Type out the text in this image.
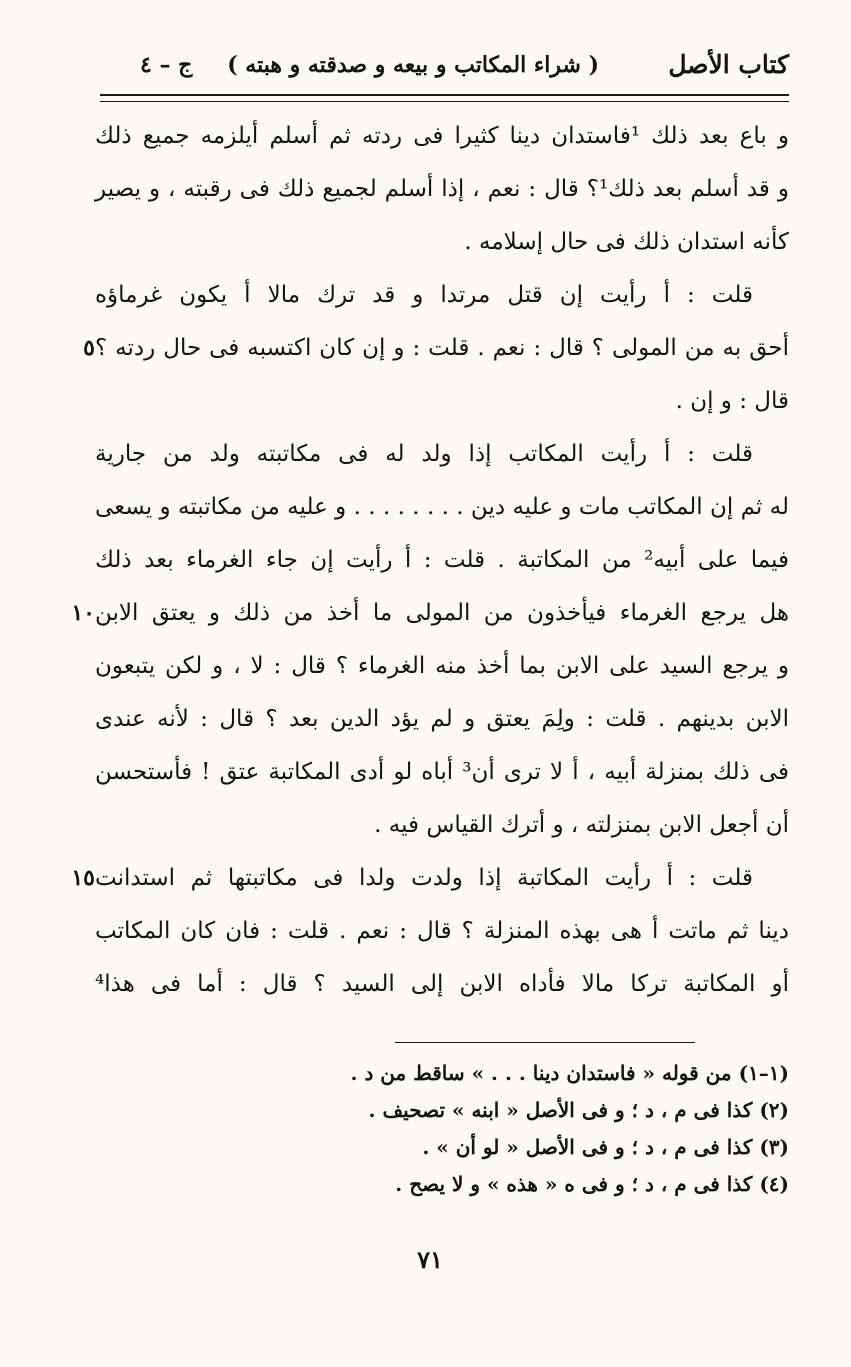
كتاب الأصل
( شراء المكاتب و بيعه و صدقته و هبته )
ج – ٤
و باع بعد ذلك ¹فاستدان دينا كثيرا فى ردته ثم أسلم أيلزمه جميع ذلك
و قد أسلم بعد ذلك¹؟ قال : نعم ، إذا أسلم لجميع ذلك فى رقبته ، و يصير
كأنه استدان ذلك فى حال إسلامه .
قلت : أ رأيت إن قتل مرتدا و قد ترك مالا أ يكون غرماؤه
أحق به من المولى ؟ قال : نعم . قلت : و إن كان اكتسبه فى حال ردته ؟
٥
قال : و إن .
قلت : أ رأيت المكاتب إذا ولد له فى مكاتبته ولد من جارية
له ثم إن المكاتب مات و عليه دين . . . . . . . . و عليه من مكاتبته و يسعى
فيما على أبيه² من المكاتبة . قلت : أ رأيت إن جاء الغرماء بعد ذلك
هل يرجع الغرماء فيأخذون من المولى ما أخذ من ذلك و يعتق الابن
١٠
و يرجع السيد على الابن بما أخذ منه الغرماء ؟ قال : لا ، و لكن يتبعون
الابن بدينهم . قلت : ولِمَ يعتق و لم يؤد الدين بعد ؟ قال : لأنه عندى
فى ذلك بمنزلة أبيه ، أ لا ترى أن³ أباه لو أدى المكاتبة عتق ! فأستحسن
أن أجعل الابن بمنزلته ، و أترك القياس فيه .
قلت : أ رأيت المكاتبة إذا ولدت ولدا فى مكاتبتها ثم استدانت
١٥
دينا ثم ماتت أ هى بهذه المنزلة ؟ قال : نعم . قلت : فان كان المكاتب
أو المكاتبة تركا مالا فأداه الابن إلى السيد ؟ قال : أما فى هذا⁴
(١–١) من قوله « فاستدان دينا . . . » ساقط من د .
(٢) كذا فى م ، د ؛ و فى الأصل « ابنه » تصحيف .
(٣) كذا فى م ، د ؛ و فى الأصل « لو أن » .
(٤) كذا فى م ، د ؛ و فى ه « هذه » و لا يصح .
٧١
